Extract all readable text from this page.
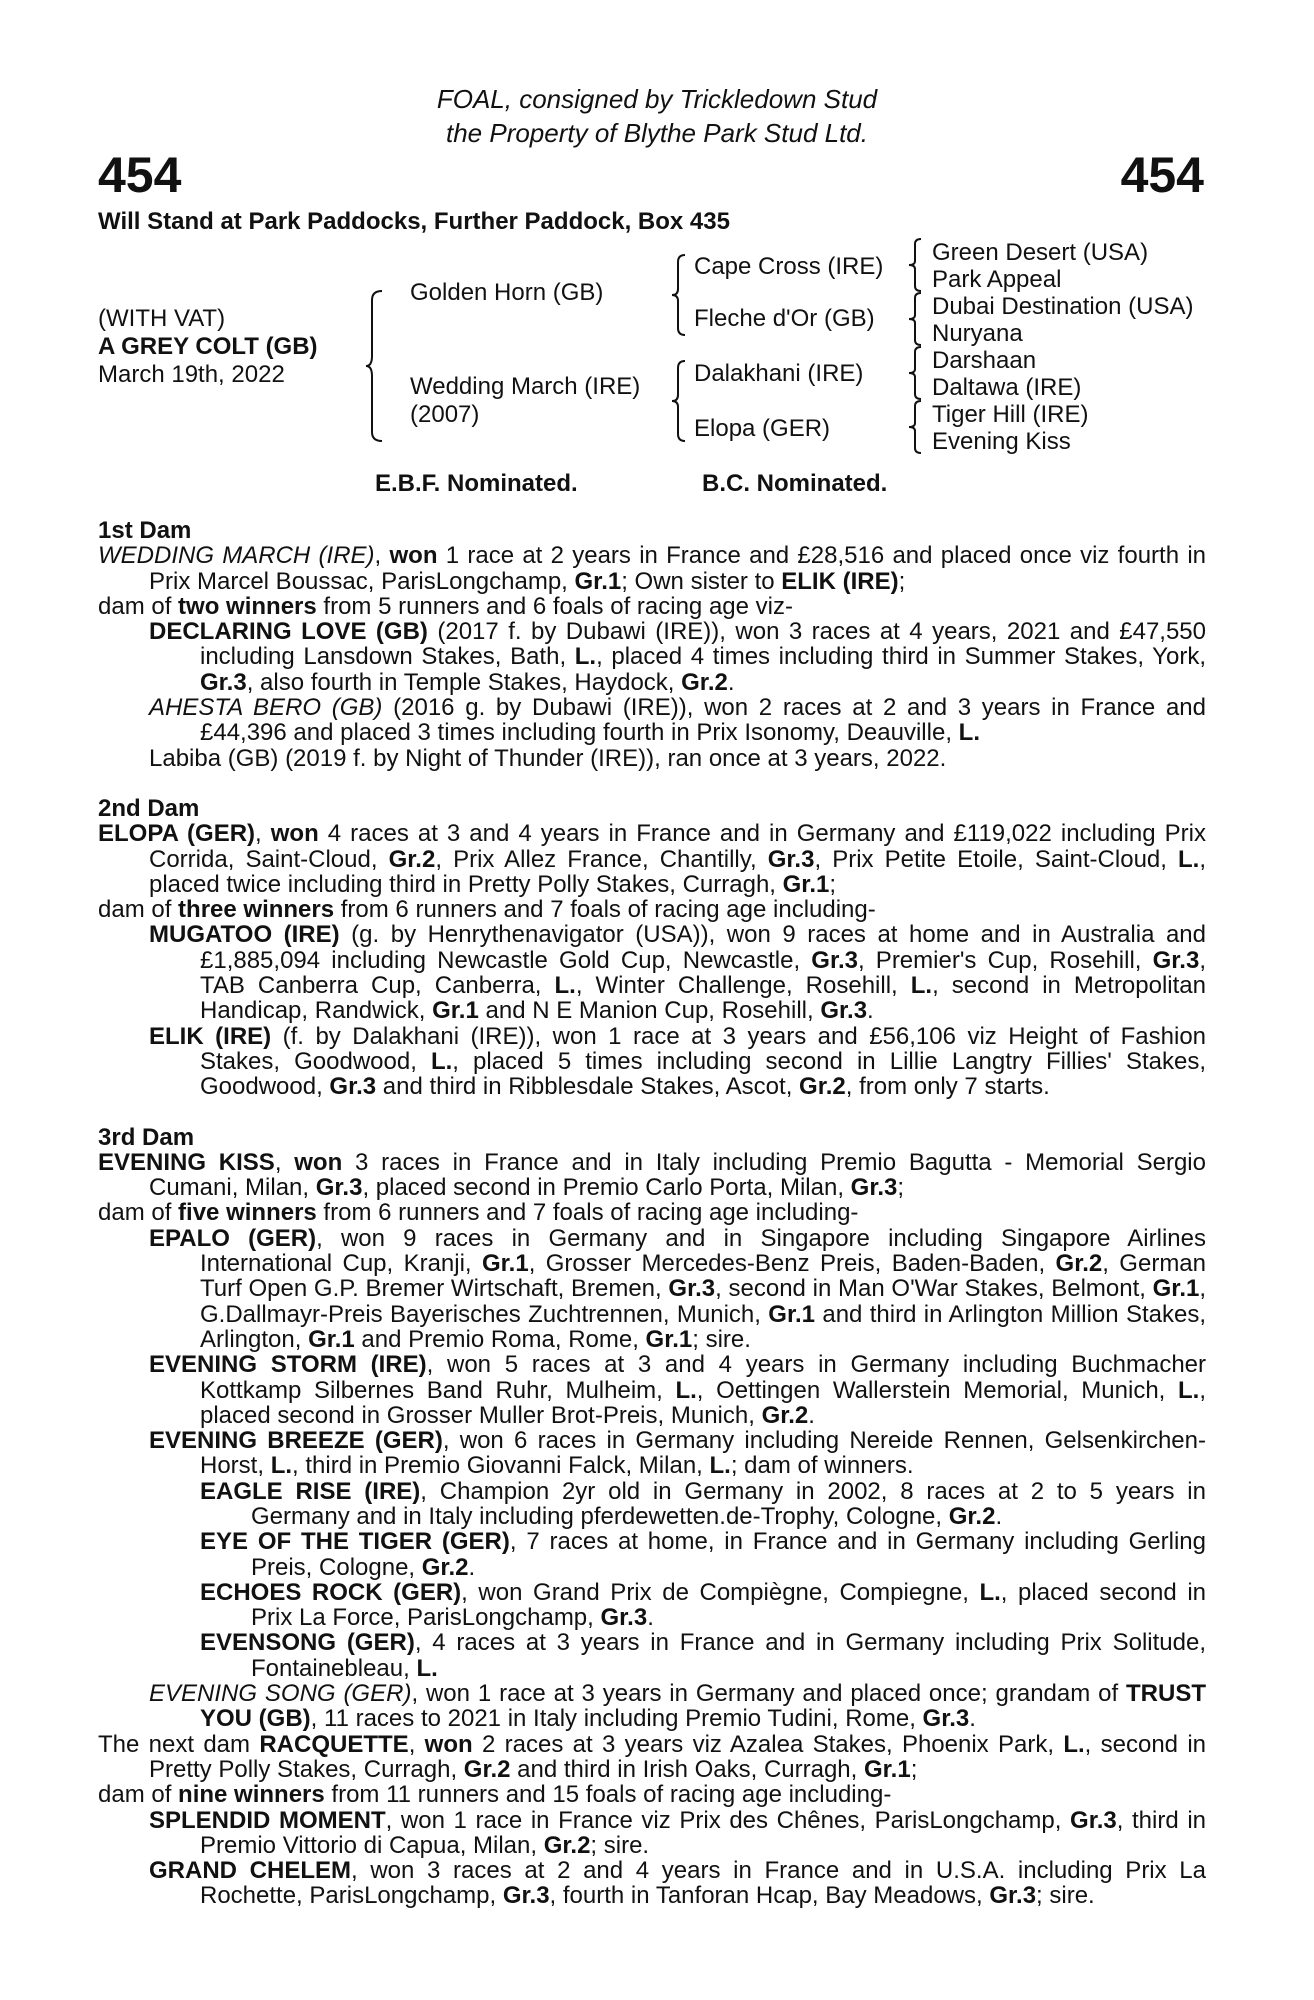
FOAL, consigned by Trickledown Stud
the Property of Blythe Park Stud Ltd.
454	454
Will Stand at Park Paddocks, Further Paddock, Box 435
(WITH VAT)
A GREY COLT (GB)
March 19th, 2022
Golden Horn (GB)
Wedding March (IRE)
(2007)
Cape Cross (IRE)
Fleche d'Or (GB)
Dalakhani (IRE)
Elopa (GER)
Green Desert (USA)
Park Appeal
Dubai Destination (USA)
Nuryana
Darshaan
Daltawa (IRE)
Tiger Hill (IRE)
Evening Kiss
E.B.F. Nominated.	B.C. Nominated.
1st Dam
WEDDING MARCH (IRE), won 1 race at 2 years in France and £28,516 and placed once viz fourth in Prix Marcel Boussac, ParisLongchamp, Gr.1; Own sister to ELIK (IRE);
dam of two winners from 5 runners and 6 foals of racing age viz-
DECLARING LOVE (GB) (2017 f. by Dubawi (IRE)), won 3 races at 4 years, 2021 and £47,550 including Lansdown Stakes, Bath, L., placed 4 times including third in Summer Stakes, York, Gr.3, also fourth in Temple Stakes, Haydock, Gr.2.
AHESTA BERO (GB) (2016 g. by Dubawi (IRE)), won 2 races at 2 and 3 years in France and £44,396 and placed 3 times including fourth in Prix Isonomy, Deauville, L.
Labiba (GB) (2019 f. by Night of Thunder (IRE)), ran once at 3 years, 2022.
2nd Dam
ELOPA (GER), won 4 races at 3 and 4 years in France and in Germany and £119,022 including Prix Corrida, Saint-Cloud, Gr.2, Prix Allez France, Chantilly, Gr.3, Prix Petite Etoile, Saint-Cloud, L., placed twice including third in Pretty Polly Stakes, Curragh, Gr.1;
dam of three winners from 6 runners and 7 foals of racing age including-
MUGATOO (IRE) (g. by Henrythenavigator (USA)), won 9 races at home and in Australia and £1,885,094 including Newcastle Gold Cup, Newcastle, Gr.3, Premier's Cup, Rosehill, Gr.3, TAB Canberra Cup, Canberra, L., Winter Challenge, Rosehill, L., second in Metropolitan Handicap, Randwick, Gr.1 and N E Manion Cup, Rosehill, Gr.3.
ELIK (IRE) (f. by Dalakhani (IRE)), won 1 race at 3 years and £56,106 viz Height of Fashion Stakes, Goodwood, L., placed 5 times including second in Lillie Langtry Fillies' Stakes, Goodwood, Gr.3 and third in Ribblesdale Stakes, Ascot, Gr.2, from only 7 starts.
3rd Dam
EVENING KISS, won 3 races in France and in Italy including Premio Bagutta - Memorial Sergio Cumani, Milan, Gr.3, placed second in Premio Carlo Porta, Milan, Gr.3;
dam of five winners from 6 runners and 7 foals of racing age including-
EPALO (GER), won 9 races in Germany and in Singapore including Singapore Airlines International Cup, Kranji, Gr.1, Grosser Mercedes-Benz Preis, Baden-Baden, Gr.2, German Turf Open G.P. Bremer Wirtschaft, Bremen, Gr.3, second in Man O'War Stakes, Belmont, Gr.1, G.Dallmayr-Preis Bayerisches Zuchtrennen, Munich, Gr.1 and third in Arlington Million Stakes, Arlington, Gr.1 and Premio Roma, Rome, Gr.1; sire.
EVENING STORM (IRE), won 5 races at 3 and 4 years in Germany including Buchmacher Kottkamp Silbernes Band Ruhr, Mulheim, L., Oettingen Wallerstein Memorial, Munich, L., placed second in Grosser Muller Brot-Preis, Munich, Gr.2.
EVENING BREEZE (GER), won 6 races in Germany including Nereide Rennen, Gelsenkirchen-Horst, L., third in Premio Giovanni Falck, Milan, L.; dam of winners.
EAGLE RISE (IRE), Champion 2yr old in Germany in 2002, 8 races at 2 to 5 years in Germany and in Italy including pferdewetten.de-Trophy, Cologne, Gr.2.
EYE OF THE TIGER (GER), 7 races at home, in France and in Germany including Gerling Preis, Cologne, Gr.2.
ECHOES ROCK (GER), won Grand Prix de Compiègne, Compiegne, L., placed second in Prix La Force, ParisLongchamp, Gr.3.
EVENSONG (GER), 4 races at 3 years in France and in Germany including Prix Solitude, Fontainebleau, L.
EVENING SONG (GER), won 1 race at 3 years in Germany and placed once; grandam of TRUST YOU (GB), 11 races to 2021 in Italy including Premio Tudini, Rome, Gr.3.
The next dam RACQUETTE, won 2 races at 3 years viz Azalea Stakes, Phoenix Park, L., second in Pretty Polly Stakes, Curragh, Gr.2 and third in Irish Oaks, Curragh, Gr.1;
dam of nine winners from 11 runners and 15 foals of racing age including-
SPLENDID MOMENT, won 1 race in France viz Prix des Chênes, ParisLongchamp, Gr.3, third in Premio Vittorio di Capua, Milan, Gr.2; sire.
GRAND CHELEM, won 3 races at 2 and 4 years in France and in U.S.A. including Prix La Rochette, ParisLongchamp, Gr.3, fourth in Tanforan Hcap, Bay Meadows, Gr.3; sire.
